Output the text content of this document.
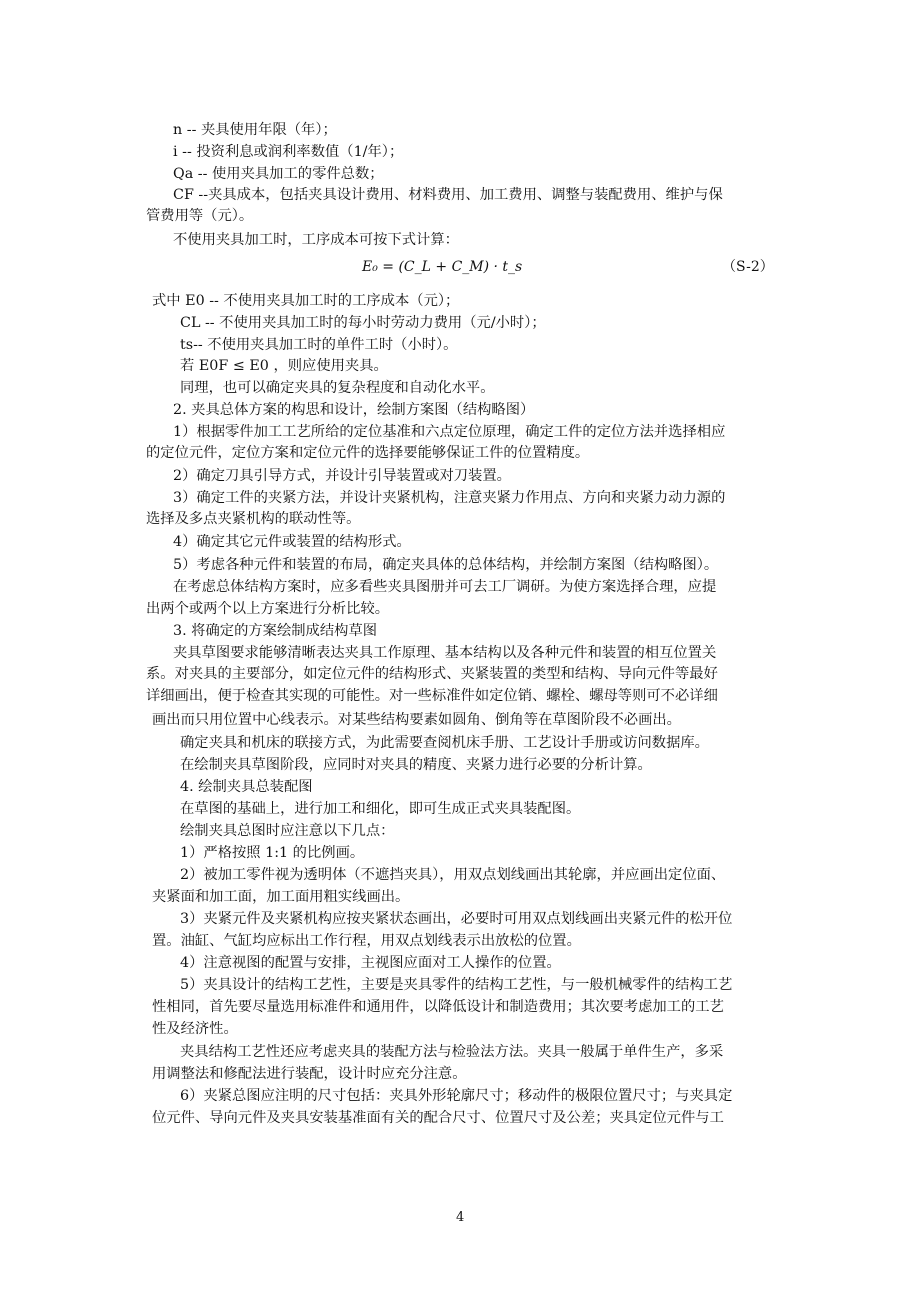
n -- 夹具使用年限（年）；

i -- 投资利息或润利率数值（1/年）；

Qa -- 使用夹具加工的零件总数；

CF --夹具成本，包括夹具设计费用、材料费用、加工费用、调整与装配费用、维护与保

管费用等（元）。

不使用夹具加工时，工序成本可按下式计算：

E₀ = (C_L + C_M) · t_s	（S-2）

式中 E0 -- 不使用夹具加工时的工序成本（元）；

CL -- 不使用夹具加工时的每小时劳动力费用（元/小时）；

ts-- 不使用夹具加工时的单件工时（小时）。

若 E0F ≤ E0 ，则应使用夹具。

同理，也可以确定夹具的复杂程度和自动化水平。

2. 夹具总体方案的构思和设计，绘制方案图（结构略图）

1）根据零件加工工艺所给的定位基准和六点定位原理，确定工件的定位方法并选择相应

的定位元件，定位方案和定位元件的选择要能够保证工件的位置精度。

2）确定刀具引导方式，并设计引导装置或对刀装置。

3）确定工件的夹紧方法，并设计夹紧机构，注意夹紧力作用点、方向和夹紧力动力源的

选择及多点夹紧机构的联动性等。

4）确定其它元件或装置的结构形式。

5）考虑各种元件和装置的布局，确定夹具体的总体结构，并绘制方案图（结构略图）。

在考虑总体结构方案时，应多看些夹具图册并可去工厂调研。为使方案选择合理，应提

出两个或两个以上方案进行分析比较。

3. 将确定的方案绘制成结构草图

夹具草图要求能够清晰表达夹具工作原理、基本结构以及各种元件和装置的相互位置关

系。对夹具的主要部分，如定位元件的结构形式、夹紧装置的类型和结构、导向元件等最好

详细画出，便于检查其实现的可能性。对一些标准件如定位销、螺栓、螺母等则可不必详细

画出而只用位置中心线表示。对某些结构要素如圆角、倒角等在草图阶段不必画出。

确定夹具和机床的联接方式，为此需要查阅机床手册、工艺设计手册或访问数据库。

在绘制夹具草图阶段，应同时对夹具的精度、夹紧力进行必要的分析计算。

4. 绘制夹具总装配图

在草图的基础上，进行加工和细化，即可生成正式夹具装配图。

绘制夹具总图时应注意以下几点：

1）严格按照 1:1 的比例画。

2）被加工零件视为透明体（不遮挡夹具），用双点划线画出其轮廓，并应画出定位面、

夹紧面和加工面，加工面用粗实线画出。

3）夹紧元件及夹紧机构应按夹紧状态画出，必要时可用双点划线画出夹紧元件的松开位

置。油缸、气缸均应标出工作行程，用双点划线表示出放松的位置。

4）注意视图的配置与安排，主视图应面对工人操作的位置。

5）夹具设计的结构工艺性，主要是夹具零件的结构工艺性，与一般机械零件的结构工艺

性相同，首先要尽量选用标准件和通用件，以降低设计和制造费用；其次要考虑加工的工艺

性及经济性。

夹具结构工艺性还应考虑夹具的装配方法与检验法方法。夹具一般属于单件生产，多采

用调整法和修配法进行装配，设计时应充分注意。

6）夹紧总图应注明的尺寸包括：夹具外形轮廓尺寸；移动件的极限位置尺寸；与夹具定

位元件、导向元件及夹具安装基准面有关的配合尺寸、位置尺寸及公差；夹具定位元件与工

4
